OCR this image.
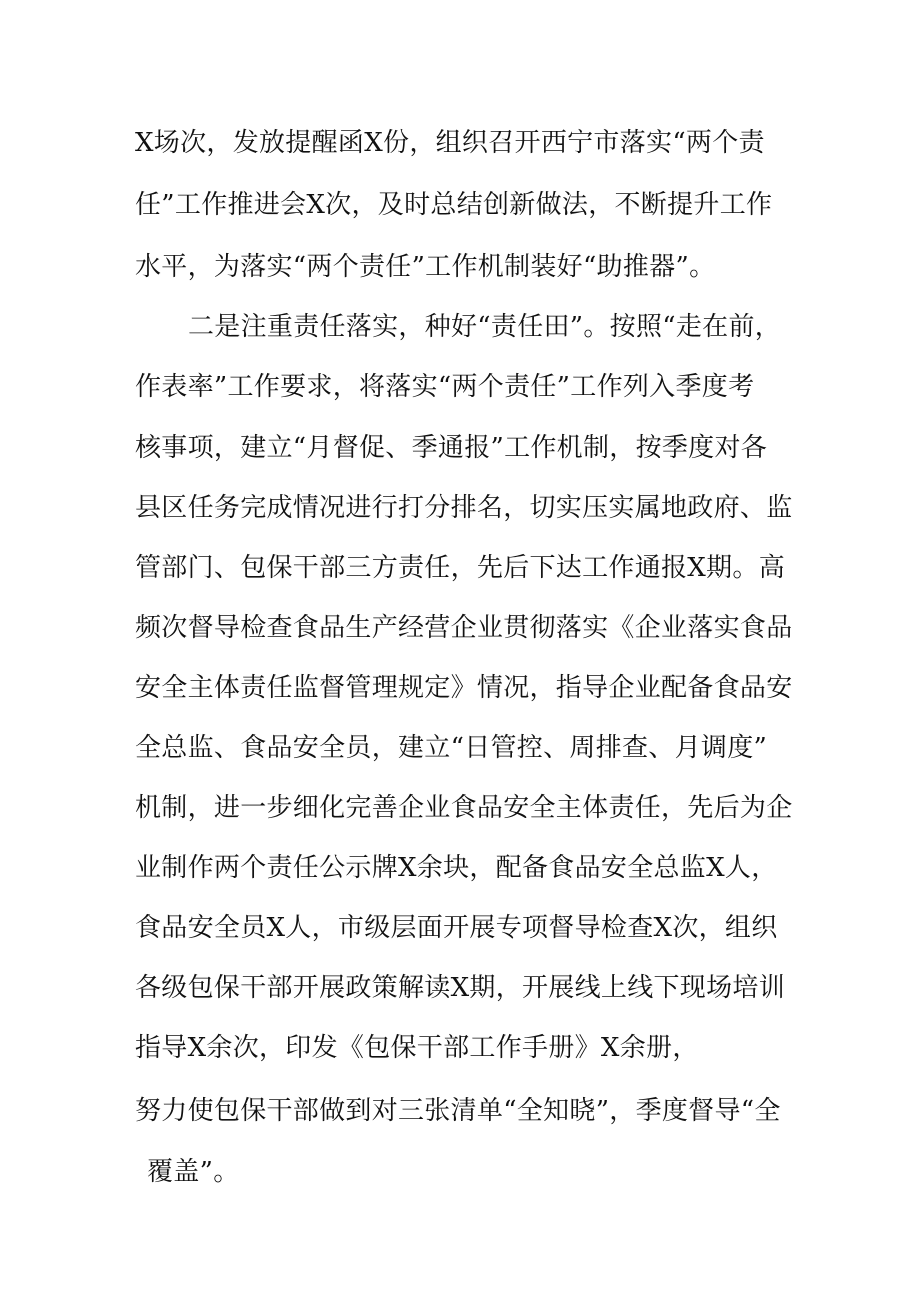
X场次，发放提醒函X份，组织召开西宁市落实“两个责
任”工作推进会X次，及时总结创新做法，不断提升工作
水平，为落实“两个责任”工作机制装好“助推器”。
二是注重责任落实，种好“责任田”。按照“走在前，
作表率”工作要求，将落实“两个责任”工作列入季度考
核事项，建立“月督促、季通报”工作机制，按季度对各
县区任务完成情况进行打分排名，切实压实属地政府、监
管部门、包保干部三方责任，先后下达工作通报X期。高
频次督导检查食品生产经营企业贯彻落实《企业落实食品
安全主体责任监督管理规定》情况，指导企业配备食品安
全总监、食品安全员，建立“日管控、周排查、月调度”
机制，进一步细化完善企业食品安全主体责任，先后为企
业制作两个责任公示牌X余块，配备食品安全总监X人，
食品安全员X人，市级层面开展专项督导检查X次，组织
各级包保干部开展政策解读X期，开展线上线下现场培训
指导X余次，印发《包保干部工作手册》X余册，
努力使包保干部做到对三张清单“全知晓”，季度督导“全
覆盖”。
